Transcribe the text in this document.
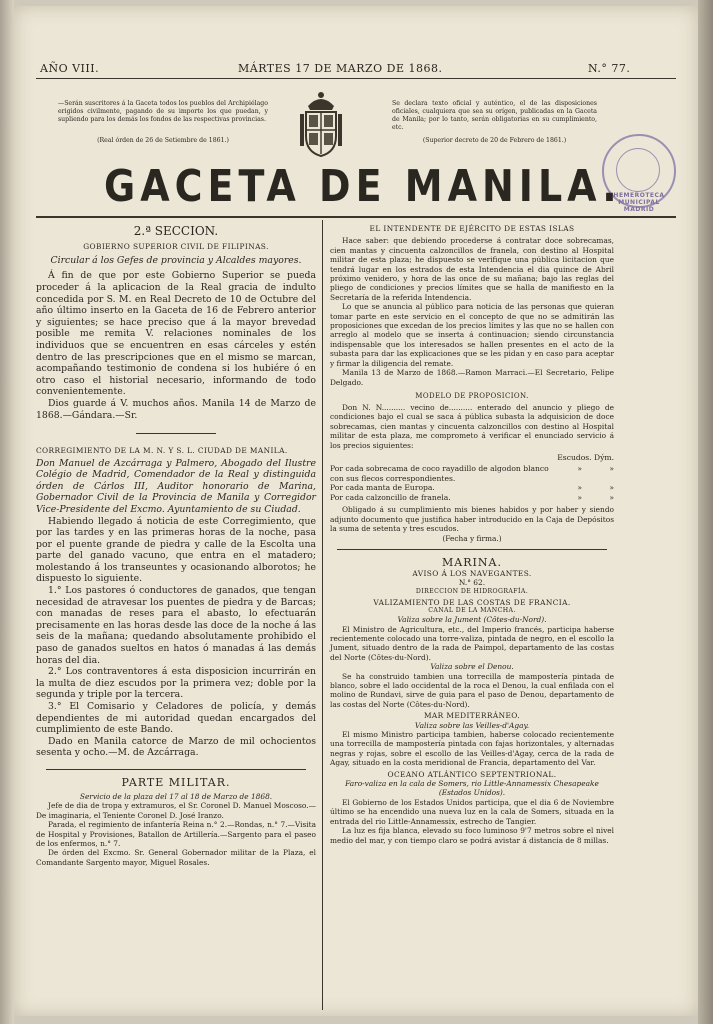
AÑO VIII.	MÁRTES 17 DE MARZO DE 1868.	N.° 77.
—Serán suscritores á la Gaceta todos los pueblos del Archipiélago erigidos civilmente, pagando de su importe los que puedan, y supliendo para los demás los fondos de las respectivas provincias.
(Real órden de 26 de Setiembre de 1861.)
Se declara texto oficial y auténtico, el de las disposiciones oficiales, cualquiera que sea su orígen, publicadas en la Gaceta de Manila; por lo tanto, serán obligatorias en su cumplimiento, etc.
(Superior decreto de 20 de Febrero de 1861.)
HEMEROTECA MUNICIPAL MADRID
GACETA DE MANILA.
2.ª SECCION.
GOBIERNO SUPERIOR CIVIL DE FILIPINAS.
Circular á los Gefes de provincia y Alcaldes mayores.

Á fin de que por este Gobierno Superior se pueda proceder á la aplicacion de la Real gracia de indulto concedida por S. M. en Real Decreto de 10 de Octubre del año último inserto en la Gaceta de 16 de Febrero anterior y siguientes; se hace preciso que á la mayor brevedad posible me remita V. relaciones nominales de los individuos que se encuentren en esas cárceles y estén dentro de las prescripciones que en el mismo se marcan, acompañando testimonio de condena si los hubiére ó en otro caso el historial necesario, informando de todo convenientemente.

Dios guarde á V. muchos años. Manila 14 de Marzo de 1868.—Gándara.—Sr.

CORREGIMIENTO DE LA M. N. Y S. L. CIUDAD DE MANILA.

Don Manuel de Azcárraga y Palmero, Abogado del Ilustre Colégio de Madrid, Comendador de la Real y distinguida órden de Cárlos III, Auditor honorario de Marina, Gobernador Civil de la Provincia de Manila y Corregidor Vice-Presidente del Excmo. Ayuntamiento de su Ciudad.

Habiendo llegado á noticia de este Corregimiento, que por las tardes y en las primeras horas de la noche, pasa por el puente grande de piedra y calle de la Escolta una parte del ganado vacuno, que entra en el matadero; molestando á los transeuntes y ocasionando alborotos; he dispuesto lo siguiente.

1.° Los pastores ó conductores de ganados, que tengan necesidad de atravesar los puentes de piedra y de Barcas; con manadas de reses para el abasto, lo efectuarán precisamente en las horas desde las doce de la noche á las seis de la mañana; quedando absolutamente prohibido el paso de ganados sueltos en hatos ó manadas á las demás horas del dia.

2.° Los contraventores á esta disposicion incurrirán en la multa de diez escudos por la primera vez; doble por la segunda y triple por la tercera.

3.° El Comisario y Celadores de policía, y demás dependientes de mi autoridad quedan encargados del cumplimiento de este Bando.

Dado en Manila catorce de Marzo de mil ochocientos sesenta y ocho.—M. de Azcárraga.

PARTE MILITAR.
Servicio de la plaza del 17 al 18 de Marzo de 1868.

Jefe de dia de tropa y extramuros, el Sr. Coronel D. Manuel Moscoso.—De imaginaria, el Teniente Coronel D. José Iranzo.

Parada, el regimiento de infantería Reina n.° 2.—Rondas, n.° 7.—Visita de Hospital y Provisiones, Batallon de Artillería.—Sargento para el paseo de los enfermos, n.° 7.

De órden del Excmo. Sr. General Gobernador militar de la Plaza, el Comandante Sargento mayor, Miguel Rosales.

EL INTENDENTE DE EJÉRCITO DE ESTAS ISLAS

Hace saber: que debiendo procederse á contratar doce sobrecamas, cien mantas y cincuenta calzoncillos de franela, con destino al Hospital militar de esta plaza; he dispuesto se verifique una pública licitacion que tendrá lugar en los estrados de esta Intendencia el dia quince de Abril próximo venidero, y hora de las once de su mañana; bajo las reglas del pliego de condiciones y precios límites que se halla de manifiesto en la Secretaría de la referida Intendencia.

Lo que se anuncia al público para noticia de las personas que quieran tomar parte en este servicio en el concepto de que no se admitirán las proposiciones que excedan de los precios límites y las que no se hallen con arreglo al modelo que se inserta á continuacion; siendo circunstancia indispensable que los interesados se hallen presentes en el acto de la subasta para dar las explicaciones que se les pidan y en caso para aceptar y firmar la diligencia del remate.

Manila 13 de Marzo de 1868.—Ramon Marraci.—El Secretario, Felipe Delgado.

MODELO DE PROPOSICION.

Don N. N.......... vecino de.......... enterado del anuncio y pliego de condiciones bajo el cual se saca á pública subasta la adquisicion de doce sobrecamas, cien mantas y cincuenta calzoncillos con destino al Hospital militar de esta plaza, me comprometo á verificar el enunciado servicio á los precios siguientes:

Escudos. Dým.
Por cada sobrecama de coco rayadillo de algodon blanco con sus flecos correspondientes.
»	»
Por cada manta de Europa.	»	»
Por cada calzoncillo de franela.	»	»

Obligado á su cumplimiento mis bienes habidos y por haber y siendo adjunto documento que justifica haber introducido en la Caja de Depósitos la suma de setenta y tres escudos.

(Fecha y firma.)
MARINA.
AVISO Á LOS NAVEGANTES.
N.° 62.
DIRECCION DE HIDROGRAFÍA.
VALIZAMIENTO DE LAS COSTAS DE FRANCIA.
CANAL DE LA MANCHA.
Valiza sobre la Jument (Côtes-du-Nord).

El Ministro de Agricultura, etc., del Imperio francés, participa haberse recientemente colocado una torre-valiza, pintada de negro, en el escollo la Jument, situado dentro de la rada de Paimpol, departamento de las costas del Norte (Côtes-du-Nord).

Valiza sobre el Denou.

Se ha construido tambien una torrecilla de mampostería pintada de blanco, sobre el lado occidental de la roca el Denou, la cual enfilada con el molino de Rundavi, sirve de guia para el paso de Denou, departamento de las costas del Norte (Côtes-du-Nord).

MAR MEDITERRÁNEO.
Valiza sobre las Veilles-d'Agay.

El mismo Ministro participa tambien, haberse colocado recientemente una torrecilla de mampostería pintada con fajas horizontales, y alternadas negras y rojas, sobre el escollo de las Veilles-d'Agay, cerca de la rada de Agay, situado en la costa meridional de Francia, departamento del Var.

OCEANO ATLÁNTICO SEPTENTRIONAL.
Faro-valiza en la cala de Somers, rio Little-Annamessix Chesapeake (Estados Unidos).

El Gobierno de los Estados Unidos participa, que el dia 6 de Noviembre último se ha encendido una nueva luz en la cala de Somers, situada en la entrada del rio Little-Annamessix, estrecho de Tangier.

La luz es fija blanca, elevado su foco luminoso 9'7 metros sobre el nivel medio del mar, y con tiempo claro se podrá avistar á distancia de 8 millas.
